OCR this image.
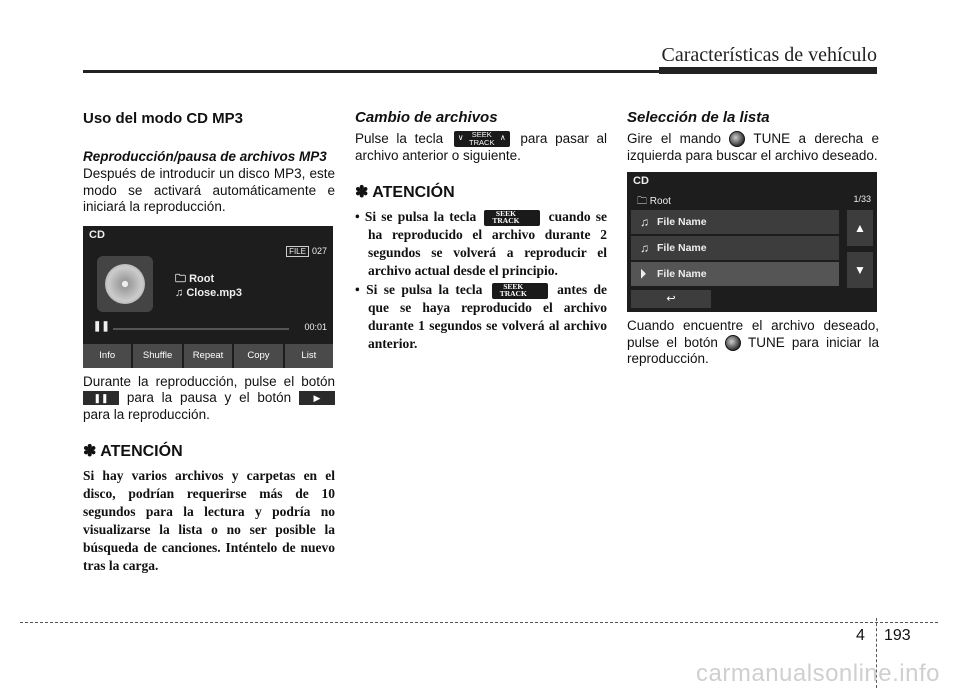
Características de vehículo
Uso del modo CD MP3
Reproducción/pausa de archivos MP3

Después de introducir un disco MP3, este modo se activará automáticamente e iniciará la reproducción.

CD
FILE 027
🗀 Root
♫ Close.mp3
❚❚	00:01
Info	Shuffle	Repeat	Copy	List

Durante la reproducción, pulse el botón ❚❚ para la pausa y el botón ▶ para la reproducción.

✽ ATENCIÓN

Si hay varios archivos y carpetas en el disco, podrían requerirse más de 10 segundos para la lectura y podría no visualizarse la lista o no ser posible la búsqueda de canciones. Inténtelo de nuevo tras la carga.

Cambio de archivos

Pulse la tecla ∨	SEEK
TRACK ∧ para pasar al archivo anterior o siguiente.

✽ ATENCIÓN
• Si se pulsa la tecla ∨	SEEK
TRACK	cuando se ha reproducido el archivo durante 2 segundos se volverá a reproducir el archivo actual desde el principio.
• Si se pulsa la tecla ∨	SEEK
TRACK	antes de que se haya reproducido el archivo durante 1 segundos se volverá al archivo anterior.
Selección de la lista

Gire el mando TUNE a derecha e izquierda para buscar el archivo deseado.

CD
🗀 Root	1/33
♫ File Name
♫ File Name
⏵ File Name
▲
▼
↩

Cuando encuentre el archivo deseado, pulse el botón TUNE para iniciar la reproducción.

4 193
carmanualsonline.info
